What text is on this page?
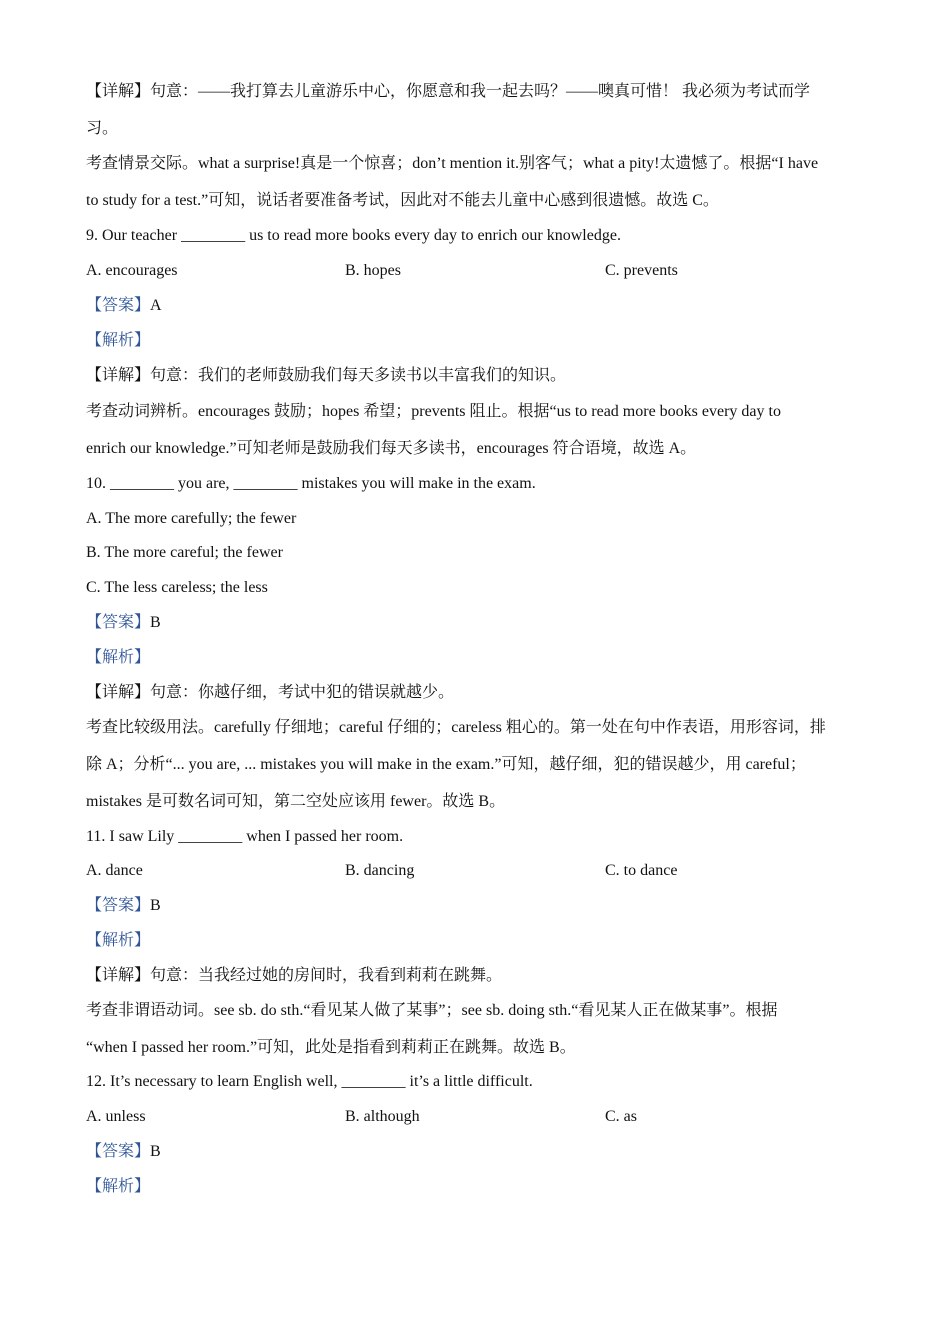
【详解】句意：——我打算去儿童游乐中心，你愿意和我一起去吗？——噢真可惜！ 我必须为考试而学
习。
考查情景交际。what a surprise!真是一个惊喜；don’t mention it.别客气；what a pity!太遗憾了。根据“I have
to study for a test.”可知，说话者要准备考试，因此对不能去儿童中心感到很遗憾。故选 C。
9. Our teacher ________ us to read more books every day to enrich our knowledge.
A. encourages	B. hopes	C. prevents
【答案】A
【解析】
【详解】句意：我们的老师鼓励我们每天多读书以丰富我们的知识。
考查动词辨析。encourages 鼓励；hopes 希望；prevents 阻止。根据“us to read more books every day to
enrich our knowledge.”可知老师是鼓励我们每天多读书，encourages 符合语境，故选 A。
10. ________ you are, ________ mistakes you will make in the exam.
A. The more carefully; the fewer
B. The more careful; the fewer
C. The less careless; the less
【答案】B
【解析】
【详解】句意：你越仔细，考试中犯的错误就越少。
考查比较级用法。carefully 仔细地；careful 仔细的；careless 粗心的。第一处在句中作表语，用形容词，排
除 A；分析“... you are, ... mistakes you will make in the exam.”可知，越仔细，犯的错误越少，用 careful；
mistakes 是可数名词可知，第二空处应该用 fewer。故选 B。
11. I saw Lily ________ when I passed her room.
A. dance	B. dancing	C. to dance
【答案】B
【解析】
【详解】句意：当我经过她的房间时，我看到莉莉在跳舞。
考查非谓语动词。see sb. do sth.“看见某人做了某事”；see sb. doing sth.“看见某人正在做某事”。根据
“when I passed her room.”可知，此处是指看到莉莉正在跳舞。故选 B。
12. It’s necessary to learn English well, ________ it’s a little difficult.
A. unless	B. although	C. as
【答案】B
【解析】
